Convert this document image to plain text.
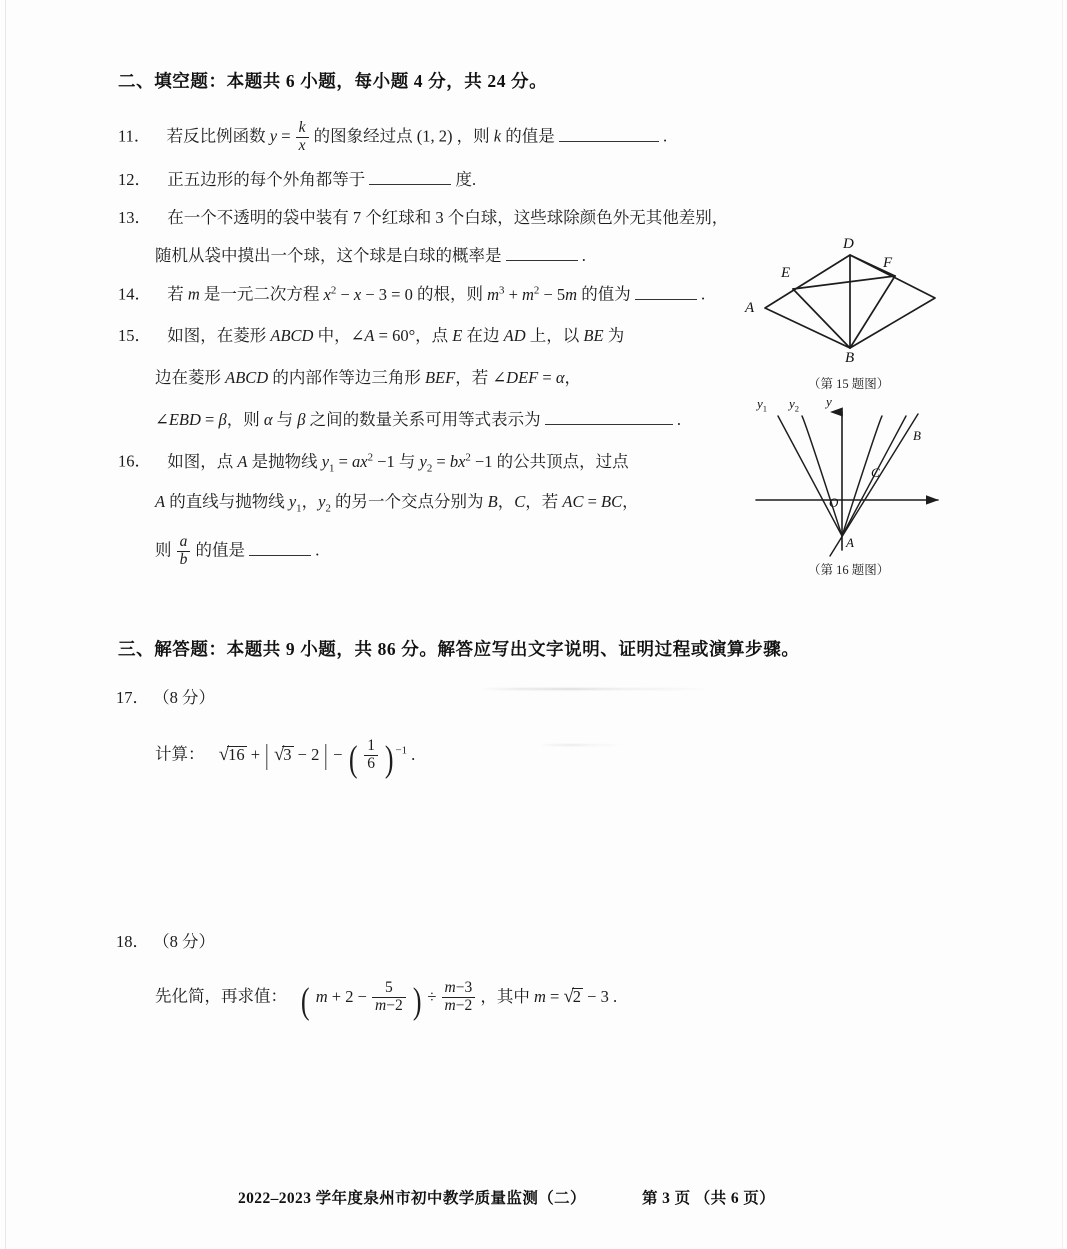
二、填空题：本题共 6 小题，每小题 4 分，共 24 分。
11． 若反比例函数 $y = \frac{k}{x}$ 的图象经过点 (1, 2) ，则 k 的值是	.
12． 正五边形的每个外角都等于	度.
13． 在一个不透明的袋中装有 7 个红球和 3 个白球，这些球除颜色外无其他差别，
随机从袋中摸出一个球，这个球是白球的概率是	.
14． 若 m 是一元二次方程 $x^2 - x - 3 = 0$ 的根，则 $m^3 + m^2 - 5m$ 的值为	.
15． 如图，在菱形 ABCD 中，∠A = 60°，点 E 在边 AD 上，以 BE 为
边在菱形 ABCD 的内部作等边三角形 BEF，若 ∠DEF = α，
∠EBD = β，则 α 与 β 之间的数量关系可用等式表示为	.
16． 如图，点 A 是抛物线 $y_1 = ax^2 -1$ 与 $y_2 = bx^2 -1$ 的公共顶点，过点
A 的直线与抛物线 $y_1$，$y_2$ 的另一个交点分别为 B，C，若 AC = BC，
则 $\frac{a}{b}$ 的值是	.
A
D
B
E
F
（第 15 题图）
$y_1$ $y_2$ y
O
A
B
C
（第 16 题图）
三、解答题：本题共 9 小题，共 86 分。解答应写出文字说明、证明过程或演算步骤。
17． （8 分）
计算： √16 + | √3 − 2 | − ( $\frac{1}{6}$ ) $^{-1}$ .
18． （8 分）
先化简，再求值： ( $m + 2 - \frac{5}{m-2}$ ) ÷ $\frac{m-3}{m-2}$ ，其中 m = √2 − 3 .
2022–2023 学年度泉州市初中教学质量监测（二）	第 3 页 （共 6 页）
